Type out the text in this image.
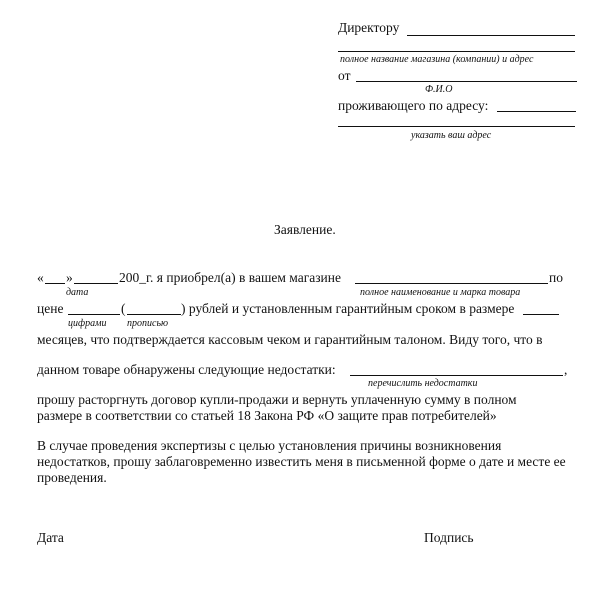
Директору
полное название магазина (компании) и адрес
от
Ф.И.О
проживающего по адресу:
указать ваш адрес
Заявление.
« »	200_г. я приобрел(а) в вашем магазине	по
дата	полное наименование и марка товара
цене	(	) рублей и установленным гарантийным сроком в размере
цифрами прописью
месяцев, что подтверждается кассовым чеком и гарантийным талоном. Виду того, что в
данном товаре обнаружены следующие недостатки:	,
перечислить недостатки
прошу расторгнуть договор купли-продажи и вернуть уплаченную сумму в полном
размере в соответствии со статьей 18 Закона РФ «О защите прав потребителей»
В случае проведения экспертизы с целью установления причины возникновения недостатков, прошу заблаговременно известить меня в письменной форме о дате и месте ее проведения.
Дата	Подпись
